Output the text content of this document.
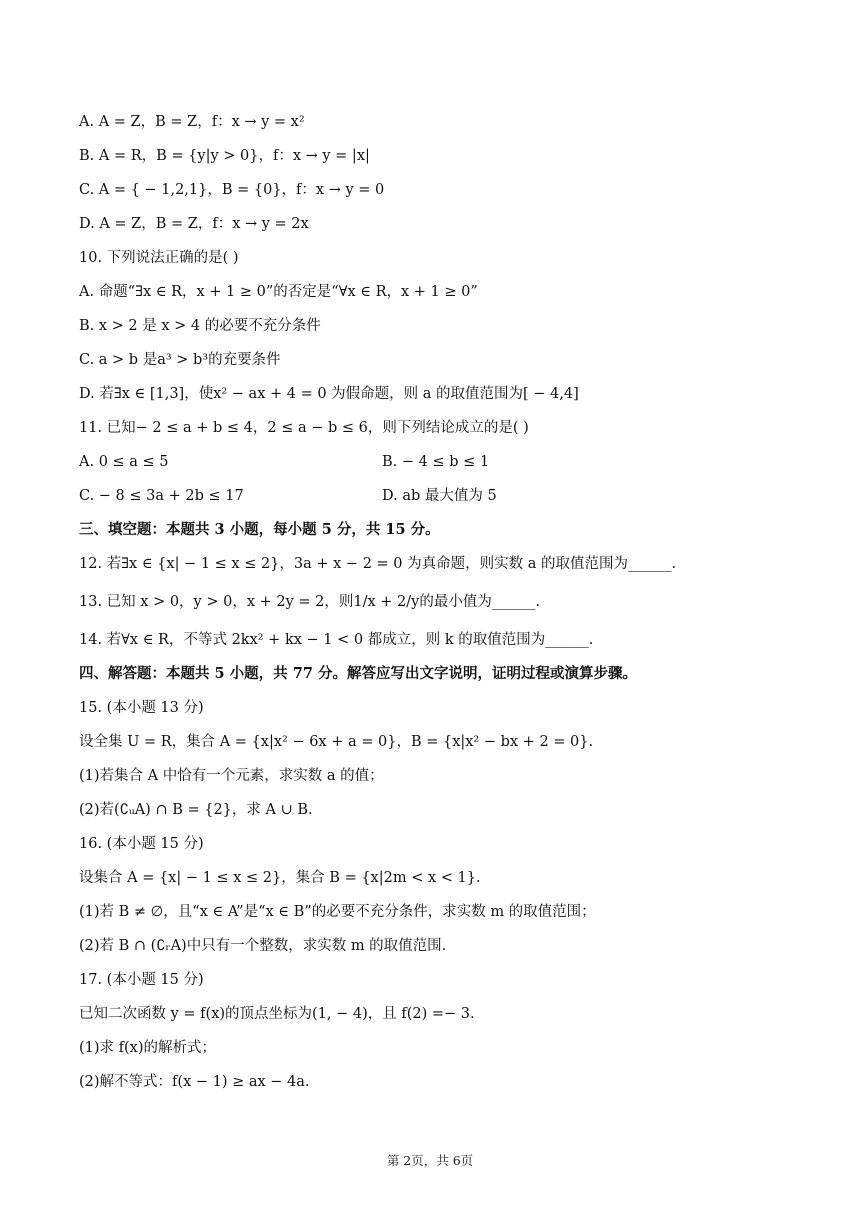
A. A = Z，B = Z，f：x → y = x²
B. A = R，B = {y|y > 0}，f：x → y = |x|
C. A = { − 1,2,1}，B = {0}，f：x → y = 0
D. A = Z，B = Z，f：x → y = 2x
10. 下列说法正确的是( )
A. 命题“∃x ∈ R，x + 1 ≥ 0”的否定是“∀x ∈ R，x + 1 ≥ 0”
B. x > 2 是 x > 4 的必要不充分条件
C. a > b 是a³ > b³的充要条件
D. 若∃x ∈ [1,3]，使x² − ax + 4 = 0 为假命题，则 a 的取值范围为[ − 4,4]
11. 已知− 2 ≤ a + b ≤ 4，2 ≤ a − b ≤ 6，则下列结论成立的是( )
A. 0 ≤ a ≤ 5	B. − 4 ≤ b ≤ 1
C. − 8 ≤ 3a + 2b ≤ 17	D. ab 最大值为 5
三、填空题：本题共 3 小题，每小题 5 分，共 15 分。
12. 若∃x ∈ {x| − 1 ≤ x ≤ 2}，3a + x − 2 = 0 为真命题，则实数 a 的取值范围为______.
13. 已知 x > 0，y > 0，x + 2y = 2，则1/x + 2/y的最小值为______.
14. 若∀x ∈ R，不等式 2kx² + kx − 1 < 0 都成立，则 k 的取值范围为______.
四、解答题：本题共 5 小题，共 77 分。解答应写出文字说明，证明过程或演算步骤。
15. (本小题 13 分)
设全集 U = R，集合 A = {x|x² − 6x + a = 0}，B = {x|x² − bx + 2 = 0}.
(1)若集合 A 中恰有一个元素，求实数 a 的值；
(2)若(∁ᵤA) ∩ B = {2}，求 A ∪ B.
16. (本小题 15 分)
设集合 A = {x| − 1 ≤ x ≤ 2}，集合 B = {x|2m < x < 1}.
(1)若 B ≠ ∅，且“x ∈ A”是“x ∈ B”的必要不充分条件，求实数 m 的取值范围；
(2)若 B ∩ (∁ᵣA)中只有一个整数，求实数 m 的取值范围.
17. (本小题 15 分)
已知二次函数 y = f(x)的顶点坐标为(1, − 4)，且 f(2) =− 3.
(1)求 f(x)的解析式；
(2)解不等式：f(x − 1) ≥ ax − 4a.
第 2页，共 6页
